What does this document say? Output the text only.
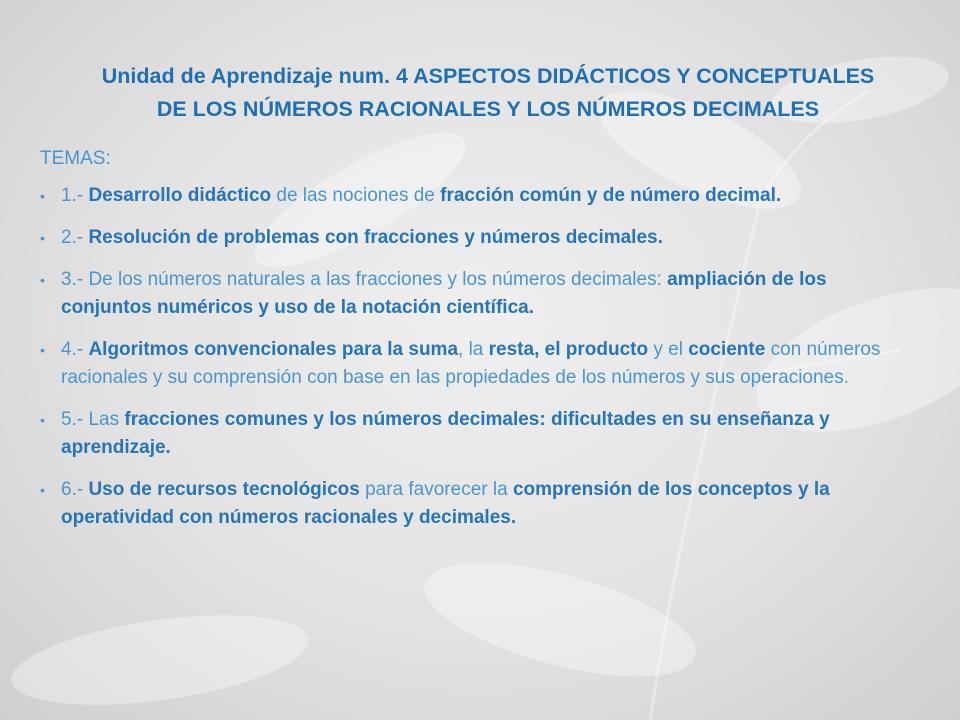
Unidad de Aprendizaje num. 4 ASPECTOS DIDÁCTICOS Y CONCEPTUALES
DE LOS NÚMEROS RACIONALES Y LOS NÚMEROS DECIMALES
TEMAS:
• 1.- Desarrollo didáctico de las nociones de fracción común y de número decimal.
• 2.- Resolución de problemas con fracciones y números decimales.
• 3.- De los números naturales a las fracciones y los números decimales: ampliación de los conjuntos numéricos y uso de la notación científica.
• 4.- Algoritmos convencionales para la suma, la resta, el producto y el cociente con números racionales y su comprensión con base en las propiedades de los números y sus operaciones.
• 5.- Las fracciones comunes y los números decimales: dificultades en su enseñanza y aprendizaje.
• 6.- Uso de recursos tecnológicos para favorecer la comprensión de los conceptos y la operatividad con números racionales y decimales.
